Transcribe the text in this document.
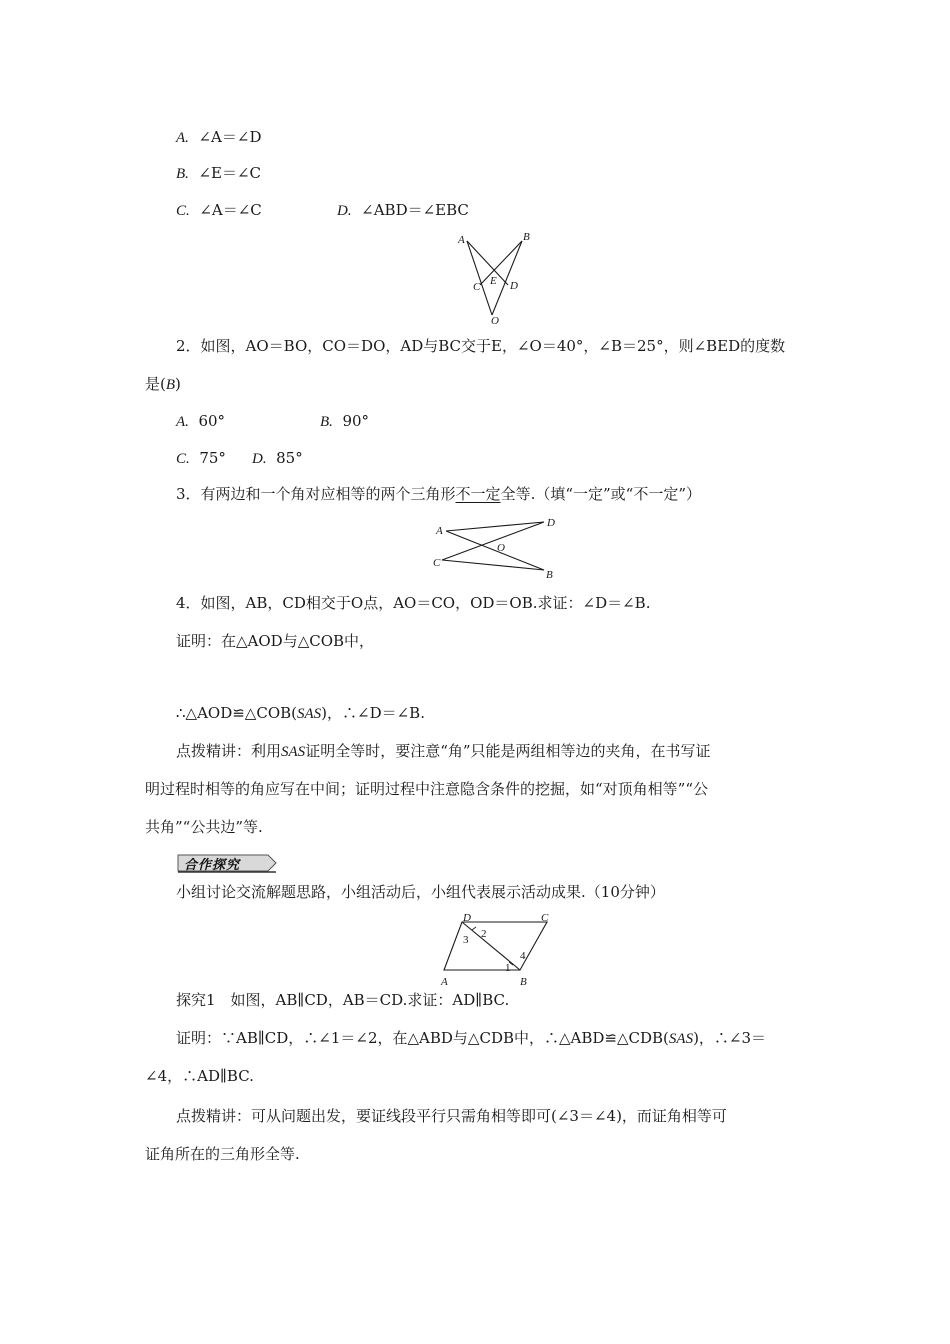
A. ∠A＝∠D
B. ∠E＝∠C
C. ∠A＝∠C	D. ∠ABD＝∠EBC
A	B
C E D
O
2．如图，AO＝BO，CO＝DO，AD与BC交于E，∠O＝40°，∠B＝25°，则∠BED的度数
是(B)
A. 60°	B. 90°
C. 75° D. 85°
3．有两边和一个角对应相等的两个三角形不一定全等.（填“一定”或“不一定”）
A
D
O
C
B
4．如图，AB，CD相交于O点，AO＝CO，OD＝OB.求证：∠D＝∠B.
证明：在△AOD与△COB中，
∴△AOD≌△COB(SAS)，∴∠D＝∠B.
点拨精讲：利用SAS证明全等时，要注意“角”只能是两组相等边的夹角，在书写证
明过程时相等的角应写在中间；证明过程中注意隐含条件的挖掘，如“对顶角相等”“公
共角”“公共边”等.
合作探究
小组讨论交流解题思路，小组活动后，小组代表展示活动成果.（10分钟）
D	C
A	B
2
3
1
4
探究1　如图，AB∥CD，AB＝CD.求证：AD∥BC.
证明：∵AB∥CD，∴∠1＝∠2，在△ABD与△CDB中，∴△ABD≌△CDB(SAS)，∴∠3＝
∠4，∴AD∥BC.
点拨精讲：可从问题出发，要证线段平行只需角相等即可(∠3＝∠4)，而证角相等可
证角所在的三角形全等.
